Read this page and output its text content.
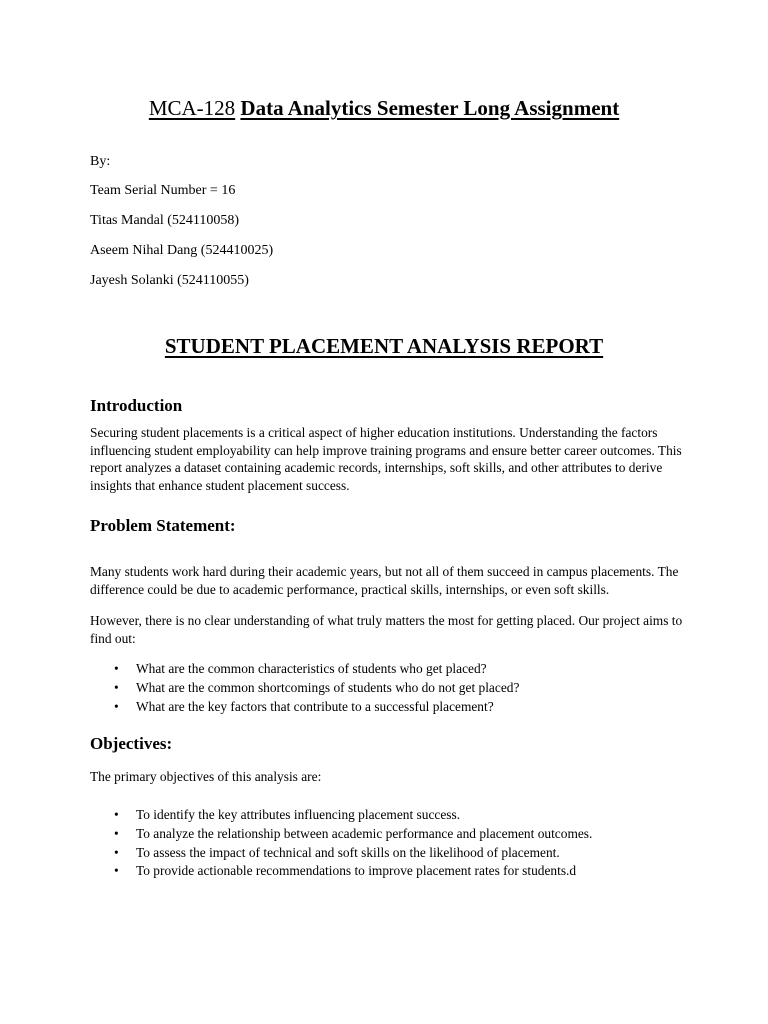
MCA-128 Data Analytics Semester Long Assignment

By:

Team Serial Number = 16

Titas Mandal (524110058)

Aseem Nihal Dang (524410025)

Jayesh Solanki (524110055)

STUDENT PLACEMENT ANALYSIS REPORT
Introduction

Securing student placements is a critical aspect of higher education institutions. Understanding the factors influencing student employability can help improve training programs and ensure better career outcomes. This report analyzes a dataset containing academic records, internships, soft skills, and other attributes to derive insights that enhance student placement success.

Problem Statement:

Many students work hard during their academic years, but not all of them succeed in campus placements. The difference could be due to academic performance, practical skills, internships, or even soft skills.

However, there is no clear understanding of what truly matters the most for getting placed. Our project aims to find out:

• What are the common characteristics of students who get placed?
• What are the common shortcomings of students who do not get placed?
• What are the key factors that contribute to a successful placement?
Objectives:

The primary objectives of this analysis are:

• To identify the key attributes influencing placement success.
• To analyze the relationship between academic performance and placement outcomes.
• To assess the impact of technical and soft skills on the likelihood of placement.
• To provide actionable recommendations to improve placement rates for students.d
